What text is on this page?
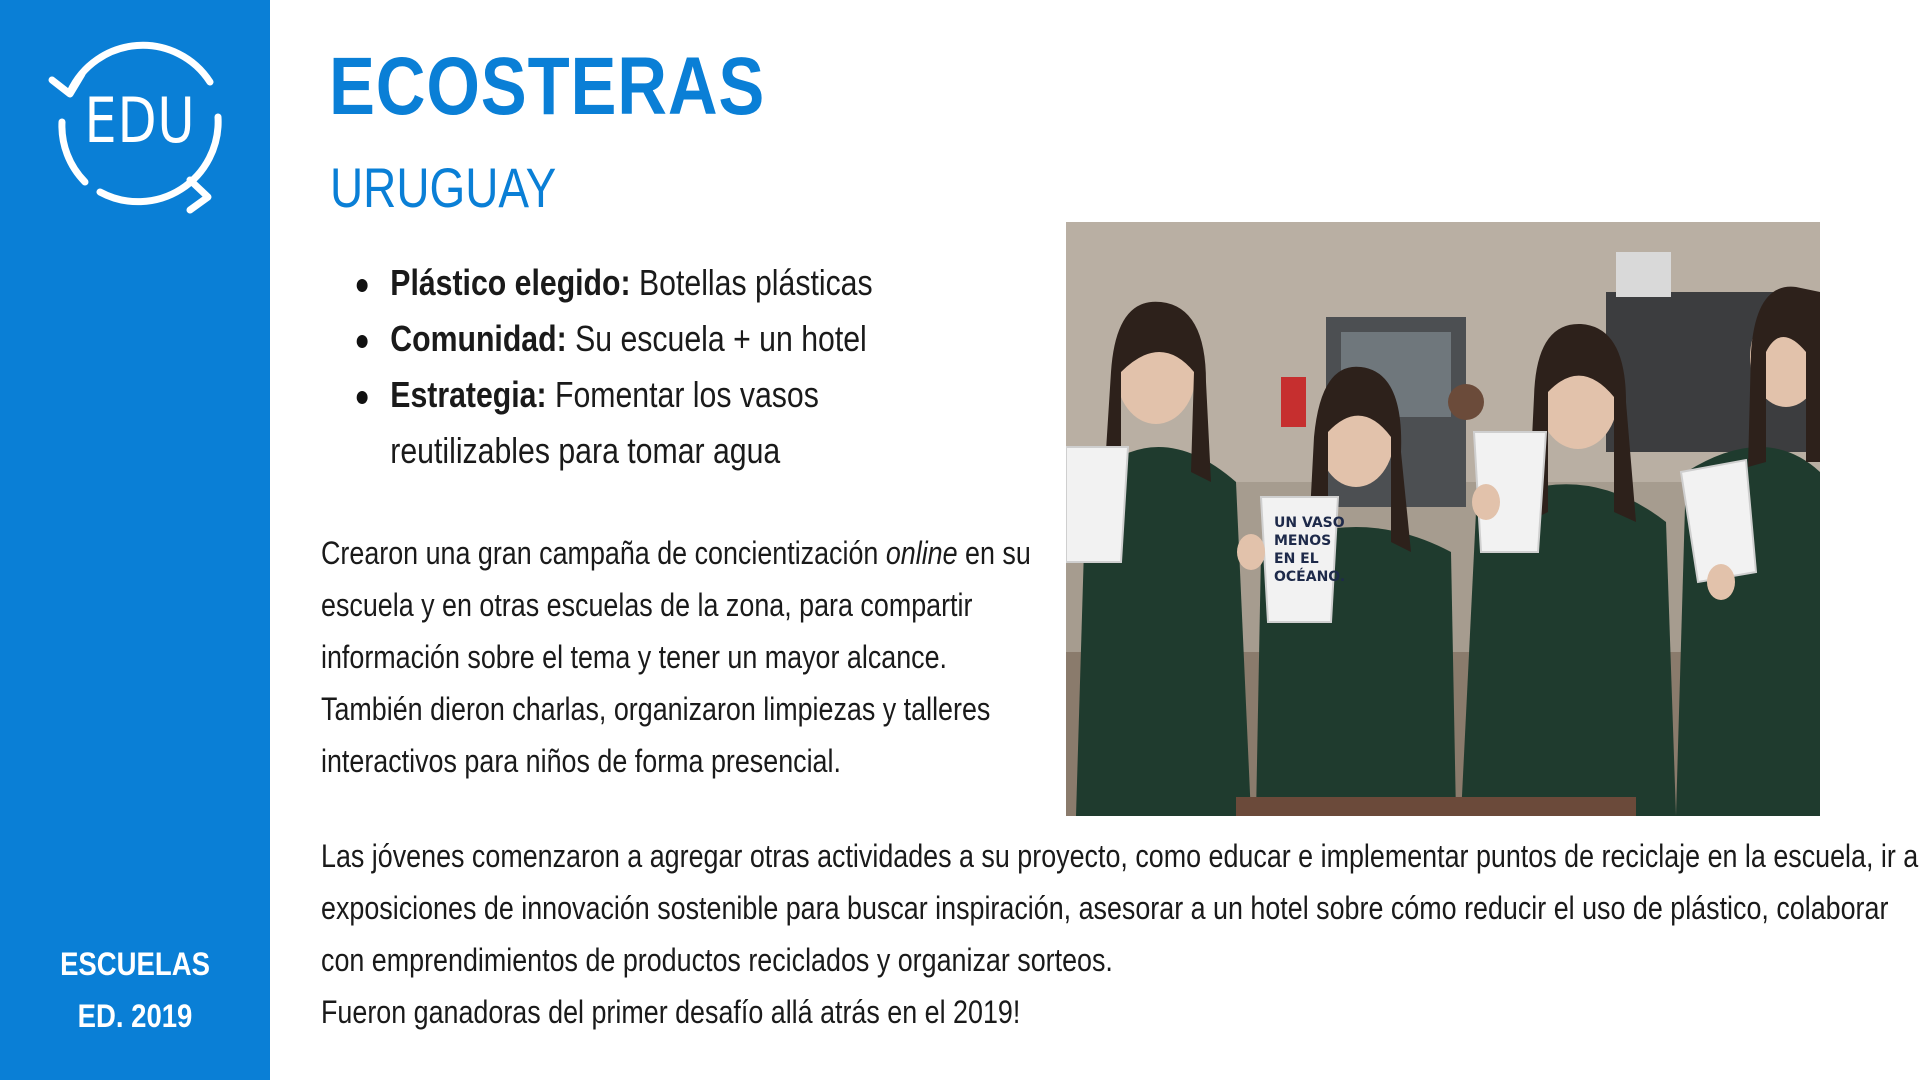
EDU
ESCUELAS
ED. 2019
ECOSTERAS
URUGUAY
Plástico elegido: Botellas plásticas
Comunidad: Su escuela + un hotel
Estrategia: Fomentar los vasos reutilizables para tomar agua

Crearon una gran campaña de concientización online en su escuela y en otras escuelas de la zona, para compartir información sobre el tema y tener un mayor alcance. También dieron charlas, organizaron limpiezas y talleres interactivos para niños de forma presencial.

UN VASO
MENOS
EN EL
OCÉANO.

Las jóvenes comenzaron a agregar otras actividades a su proyecto, como educar e implementar puntos de reciclaje en la escuela, ir a exposiciones de innovación sostenible para buscar inspiración, asesorar a un hotel sobre cómo reducir el uso de plástico, colaborar con emprendimientos de productos reciclados y organizar sorteos.
Fueron ganadoras del primer desafío allá atrás en el 2019!
